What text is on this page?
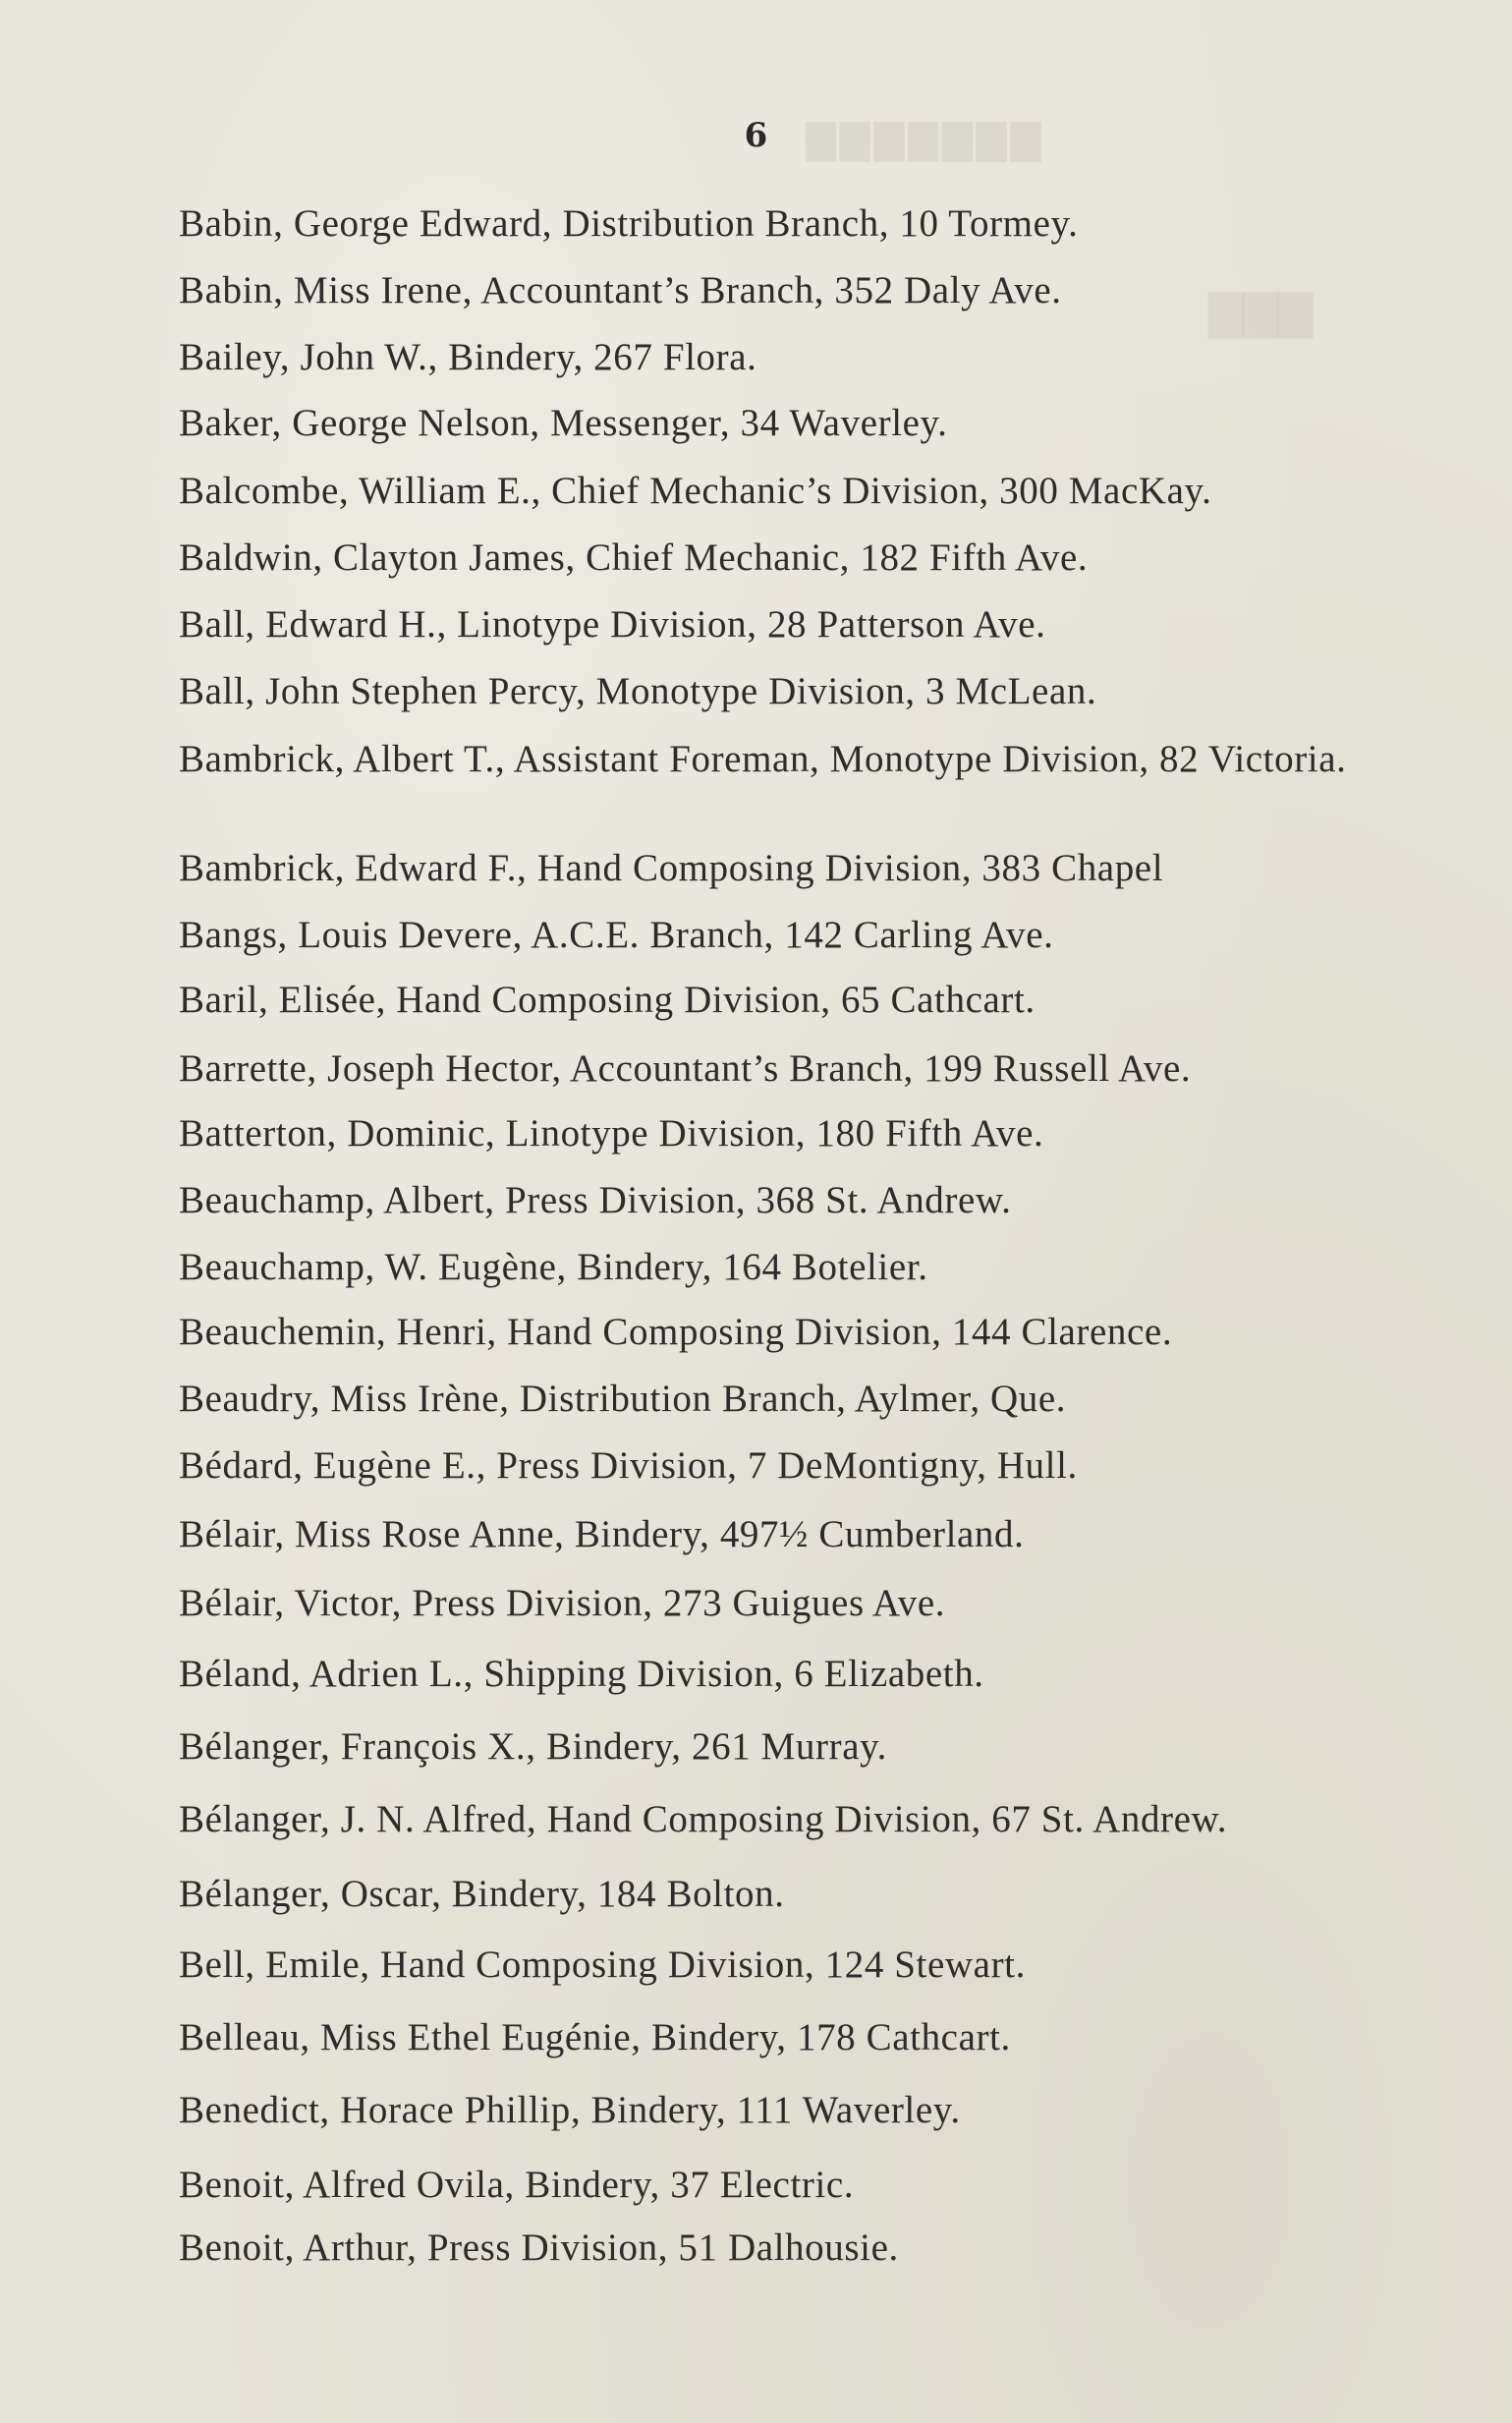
▇▇▇▇▇▇▇
▇▇▇
6
Babin, George Edward, Distribution Branch, 10 Tormey.
Babin, Miss Irene, Accountant’s Branch, 352 Daly Ave.
Bailey, John W., Bindery, 267 Flora.
Baker, George Nelson, Messenger, 34 Waverley.
Balcombe, William E., Chief Mechanic’s Division, 300 MacKay.
Baldwin, Clayton James, Chief Mechanic, 182 Fifth Ave.
Ball, Edward H., Linotype Division, 28 Patterson Ave.
Ball, John Stephen Percy, Monotype Division, 3 McLean.
Bambrick, Albert T., Assistant Foreman, Monotype Division, 82 Victoria.
Bambrick, Edward F., Hand Composing Division, 383 Chapel
Bangs, Louis Devere, A.C.E. Branch, 142 Carling Ave.
Baril, Elisée, Hand Composing Division, 65 Cathcart.
Barrette, Joseph Hector, Accountant’s Branch, 199 Russell Ave.
Batterton, Dominic, Linotype Division, 180 Fifth Ave.
Beauchamp, Albert, Press Division, 368 St. Andrew.
Beauchamp, W. Eugène, Bindery, 164 Botelier.
Beauchemin, Henri, Hand Composing Division, 144 Clarence.
Beaudry, Miss Irène, Distribution Branch, Aylmer, Que.
Bédard, Eugène E., Press Division, 7 DeMontigny, Hull.
Bélair, Miss Rose Anne, Bindery, 497½ Cumberland.
Bélair, Victor, Press Division, 273 Guigues Ave.
Béland, Adrien L., Shipping Division, 6 Elizabeth.
Bélanger, François X., Bindery, 261 Murray.
Bélanger, J. N. Alfred, Hand Composing Division, 67 St. Andrew.
Bélanger, Oscar, Bindery, 184 Bolton.
Bell, Emile, Hand Composing Division, 124 Stewart.
Belleau, Miss Ethel Eugénie, Bindery, 178 Cathcart.
Benedict, Horace Phillip, Bindery, 111 Waverley.
Benoit, Alfred Ovila, Bindery, 37 Electric.
Benoit, Arthur, Press Division, 51 Dalhousie.
